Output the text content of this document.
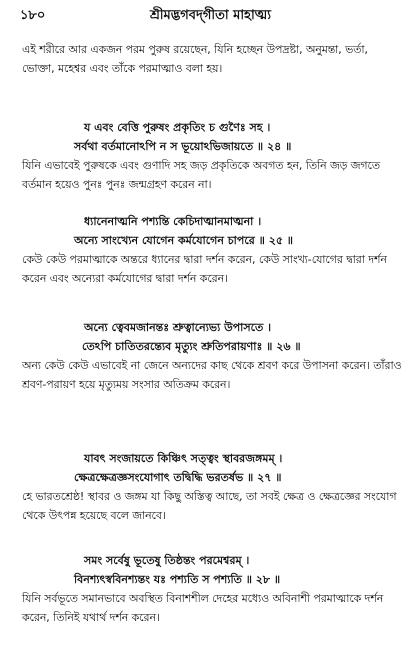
১৮০	শ্রীমদ্ভগবদ্‌গীতা মাহাত্ম্য

এই শরীরে আর একজন পরম পুরুষ রয়েছেন, যিনি হচ্ছেন উপদ্রষ্টা, অনুমন্তা, ভর্তা, ভোক্তা, মহেশ্বর এবং তাঁকে পরমাত্মাও বলা হয়।

য এবং বেত্তি পুরুষং প্রকৃতিং চ গুণৈঃ সহ ।
সর্বথা বর্তমানোঽপি ন স ভূয়োঽভিজায়তে ॥ ২৪ ॥

যিনি এভাবেই পুরুষকে এবং গুণাদি সহ জড় প্রকৃতিকে অবগত হন, তিনি জড় জগতে বর্তমান হয়েও পুনঃ পুনঃ জন্মগ্রহণ করেন না।

ধ্যানেনাত্মনি পশ্যন্তি কেচিদাত্মানমাত্মনা ।
অন্যে সাংখ্যেন যোগেন কর্মযোগেন চাপরে ॥ ২৫ ॥

কেউ কেউ পরমাত্মাকে অন্তরে ধ্যানের দ্বারা দর্শন করেন, কেউ সাংখ্য-যোগের দ্বারা দর্শন করেন এবং অন্যেরা কর্মযোগের দ্বারা দর্শন করেন।

অন্যে ত্বেবমজানন্তঃ শ্রুত্বান্যেভ্য উপাসতে ।
তেঽপি চাতিতরন্ত্যেব মৃত্যুং শ্রুতিপরায়ণাঃ ॥ ২৬ ॥

অন্য কেউ কেউ এভাবেই না জেনে অন্যদের কাছ থেকে শ্রবণ করে উপাসনা করেন। তাঁরাও শ্রবণ-পরায়ণ হয়ে মৃত্যুময় সংসার অতিক্রম করেন।

যাবৎ সংজায়তে কিঞ্চিৎ সত্ত্বং স্থাবরজঙ্গমম্ ।
ক্ষেত্রক্ষেত্রজ্ঞসংযোগাৎ তদ্বিদ্ধি ভরতর্ষভ ॥ ২৭ ॥

হে ভারতশ্রেষ্ঠ! স্থাবর ও জঙ্গম যা কিছু অস্তিত্ব আছে, তা সবই ক্ষেত্র ও ক্ষেত্রজ্ঞের সংযোগ থেকে উৎপন্ন হয়েছে বলে জানবে।

সমং সর্বেষু ভূতেষু তিষ্ঠন্তং পরমেশ্বরম্ ।
বিনশ্যৎস্ববিনশ্যন্তং যঃ পশ্যতি স পশ্যতি ॥ ২৮ ॥

যিনি সর্বভূতে সমানভাবে অবস্থিত বিনাশশীল দেহের মধ্যেও অবিনাশী পরমাত্মাকে দর্শন করেন, তিনিই যথার্থ দর্শন করেন।
